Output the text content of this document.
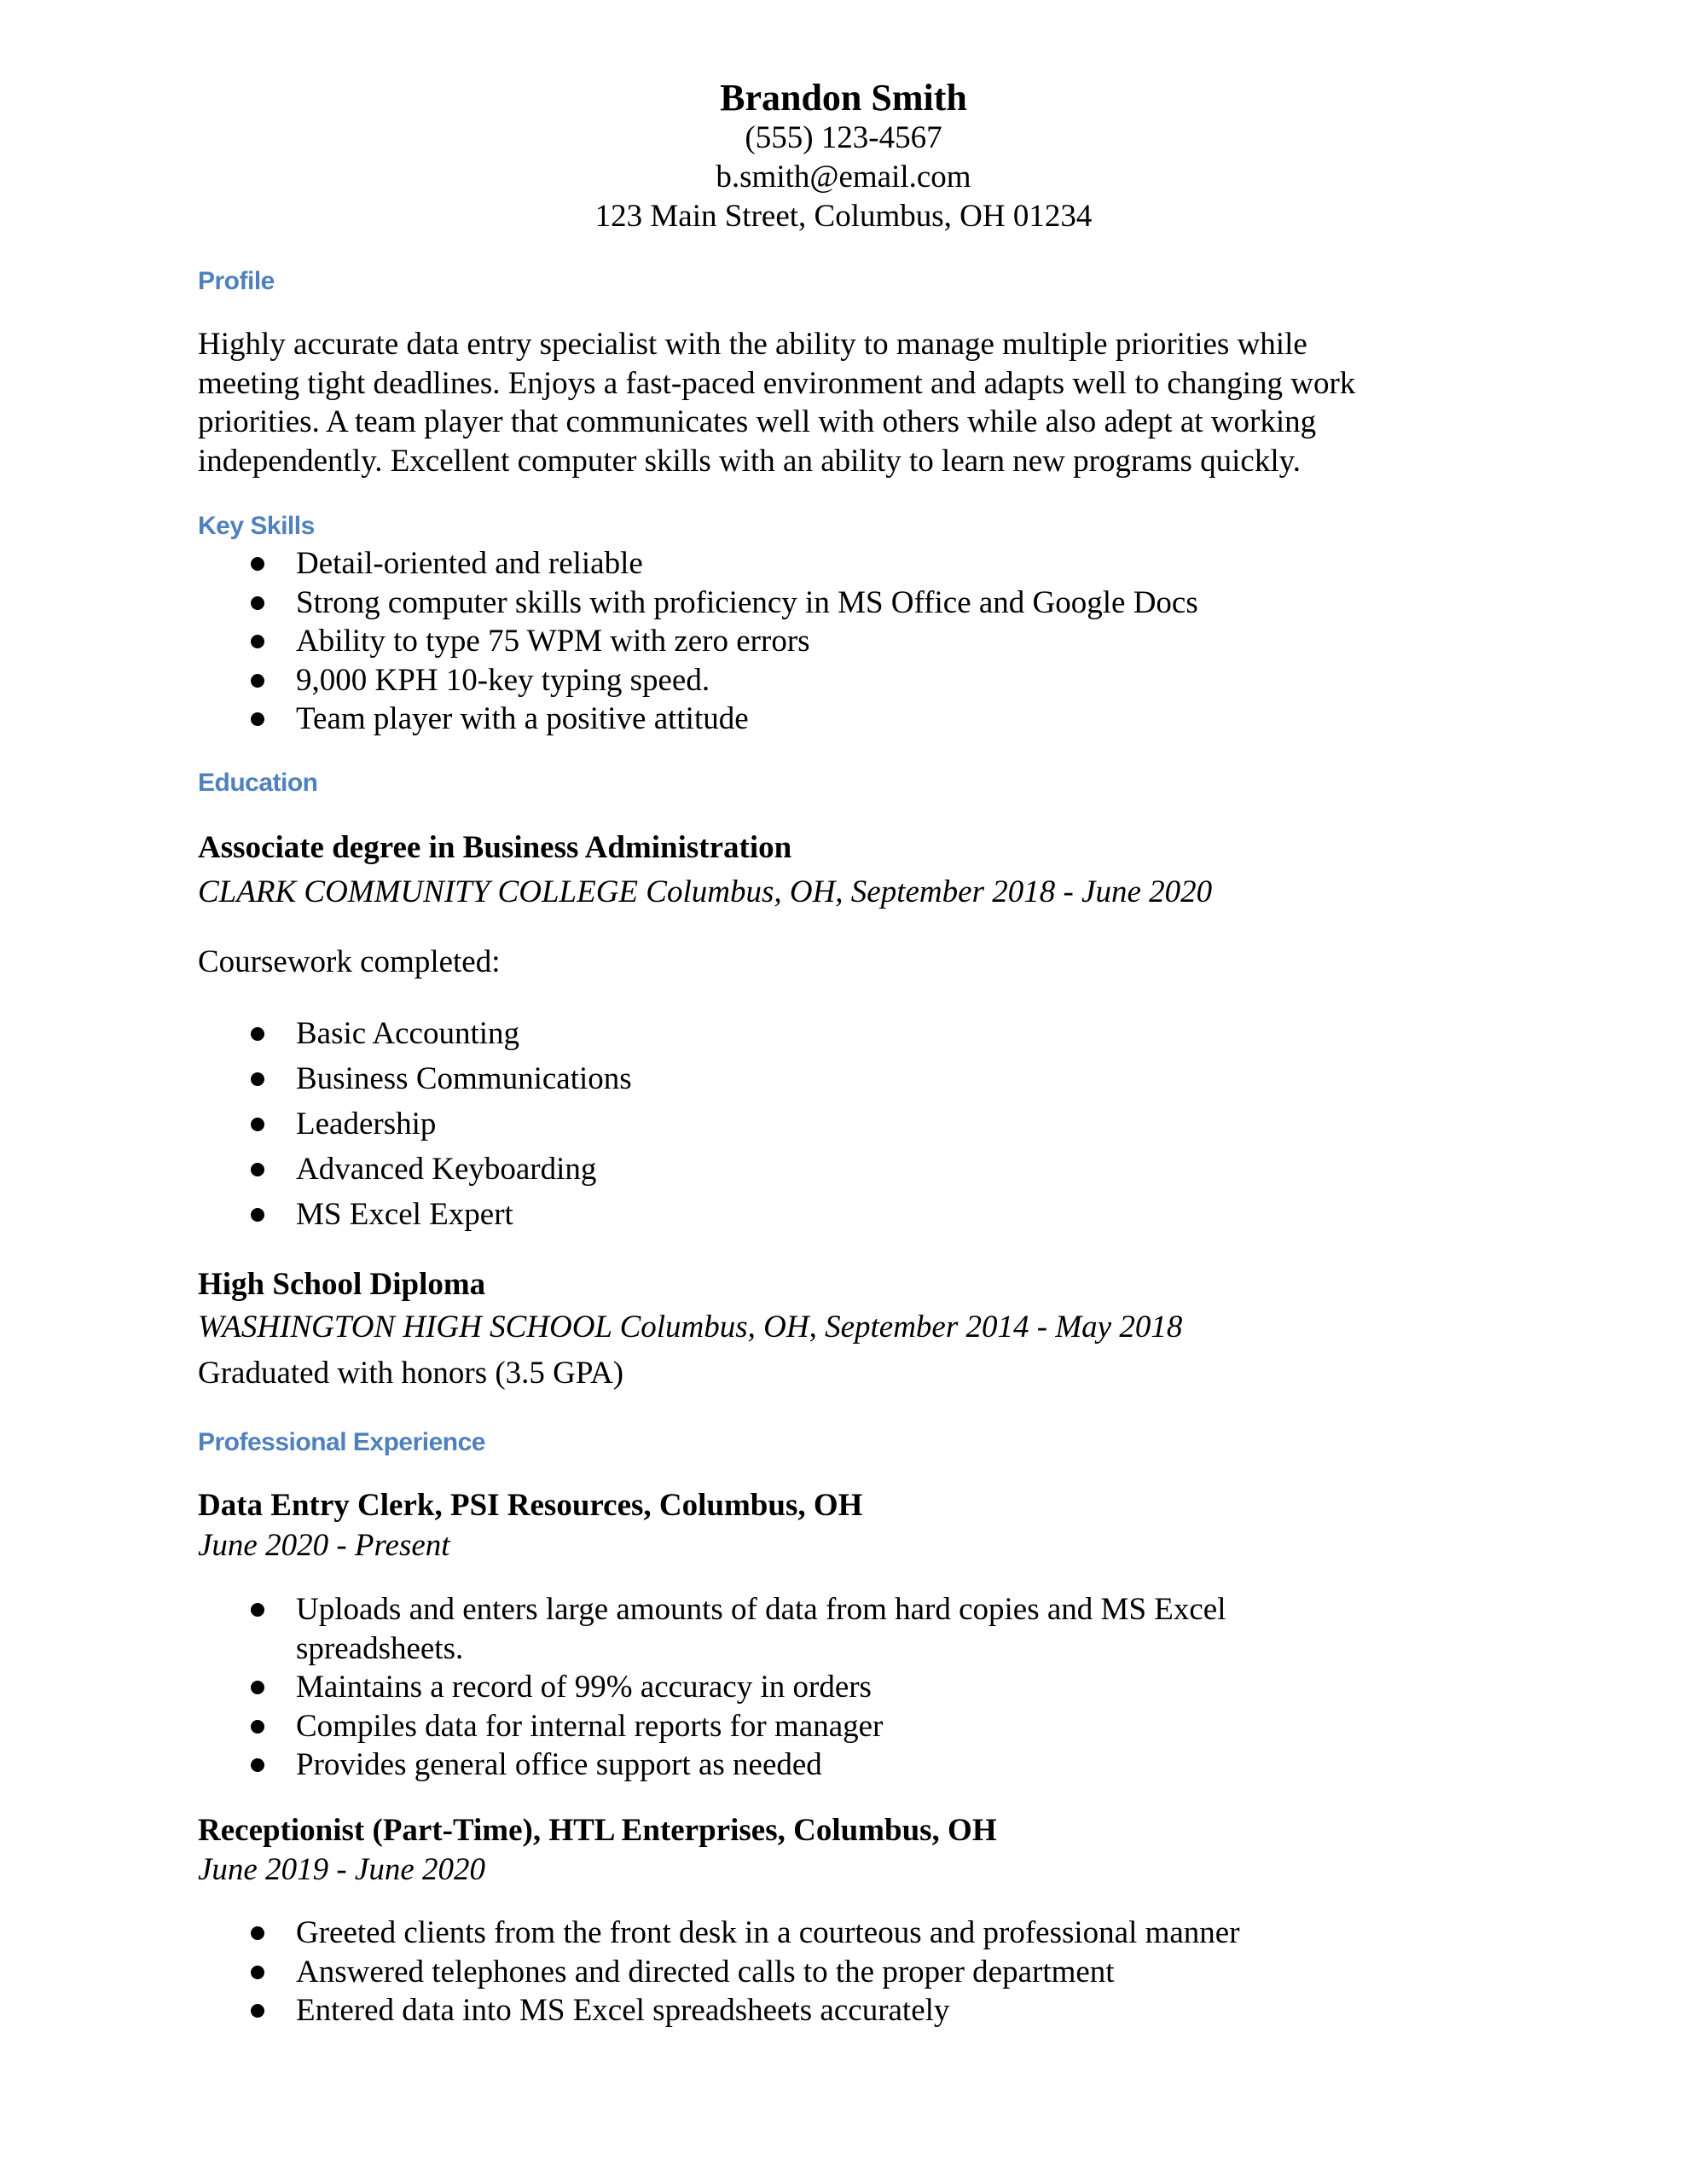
Brandon Smith
(555) 123-4567
b.smith@email.com
123 Main Street, Columbus, OH 01234
Profile
Highly accurate data entry specialist with the ability to manage multiple priorities while
meeting tight deadlines. Enjoys a fast-paced environment and adapts well to changing work
priorities. A team player that communicates well with others while also adept at working
independently. Excellent computer skills with an ability to learn new programs quickly.
Key Skills
Detail-oriented and reliable
Strong computer skills with proficiency in MS Office and Google Docs
Ability to type 75 WPM with zero errors
9,000 KPH 10-key typing speed.
Team player with a positive attitude
Education
Associate degree in Business Administration
CLARK COMMUNITY COLLEGE Columbus, OH, September 2018 - June 2020
Coursework completed:
Basic Accounting
Business Communications
Leadership
Advanced Keyboarding
MS Excel Expert
High School Diploma
WASHINGTON HIGH SCHOOL Columbus, OH, September 2014 - May 2018
Graduated with honors (3.5 GPA)
Professional Experience
Data Entry Clerk, PSI Resources, Columbus, OH
June 2020 - Present
Uploads and enters large amounts of data from hard copies and MS Excel spreadsheets.
Maintains a record of 99% accuracy in orders
Compiles data for internal reports for manager
Provides general office support as needed
Receptionist (Part-Time), HTL Enterprises, Columbus, OH
June 2019 - June 2020
Greeted clients from the front desk in a courteous and professional manner
Answered telephones and directed calls to the proper department
Entered data into MS Excel spreadsheets accurately
